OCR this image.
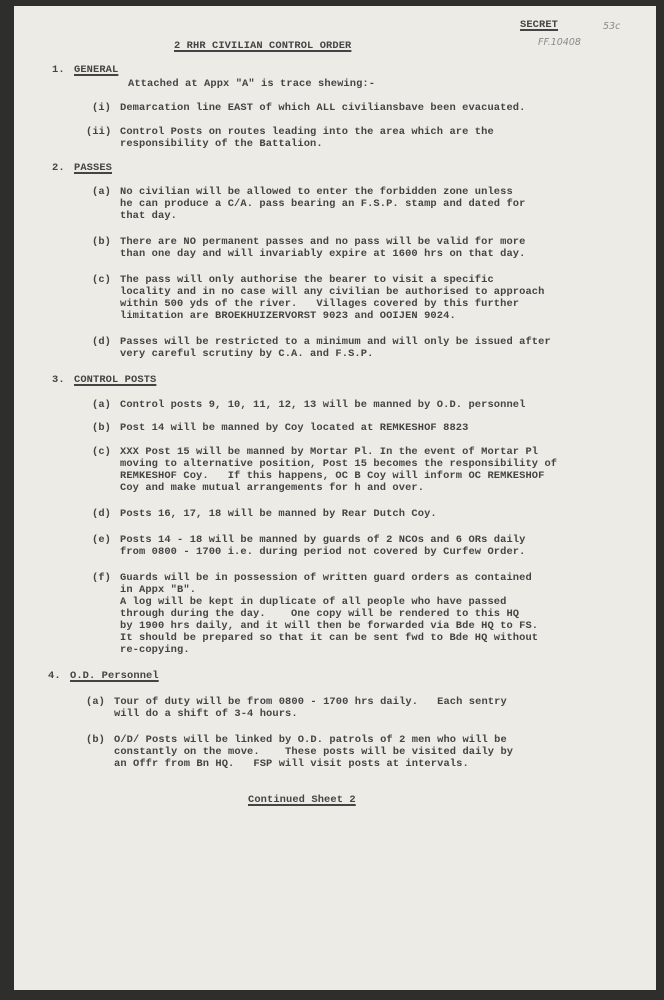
SECRET	53c
FF.10408
2 RHR CIVILIAN CONTROL ORDER
1. GENERAL
Attached at Appx "A" is trace shewing:-
(i) Demarcation line EAST of which ALL civiliansbave been evacuated.
(ii) Control Posts on routes leading into the area which are the
responsibility of the Battalion.
2. PASSES
(a) No civilian will be allowed to enter the forbidden zone unless
he can produce a C/A. pass bearing an F.S.P. stamp and dated for
that day.
(b) There are NO permanent passes and no pass will be valid for more
than one day and will invariably expire at 1600 hrs on that day.
(c) The pass will only authorise the bearer to visit a specific
locality and in no case will any civilian be authorised to approach
within 500 yds of the river.   Villages covered by this further
limitation are BROEKHUIZERVORST 9023 and OOIJEN 9024.
(d) Passes will be restricted to a minimum and will only be issued after
very careful scrutiny by C.A. and F.S.P.
3. CONTROL POSTS
(a) Control posts 9, 10, 11, 12, 13 will be manned by O.D. personnel
(b) Post 14 will be manned by Coy located at REMKESHOF 8823
(c) XXX Post 15 will be manned by Mortar Pl. In the event of Mortar Pl
moving to alternative position, Post 15 becomes the responsibility of
REMKESHOF Coy.   If this happens, OC B Coy will inform OC REMKESHOF
Coy and make mutual arrangements for h and over.
(d) Posts 16, 17, 18 will be manned by Rear Dutch Coy.
(e) Posts 14 - 18 will be manned by guards of 2 NCOs and 6 ORs daily
from 0800 - 1700 i.e. during period not covered by Curfew Order.
(f) Guards will be in possession of written guard orders as contained
in Appx "B".
A log will be kept in duplicate of all people who have passed
through during the day.    One copy will be rendered to this HQ
by 1900 hrs daily, and it will then be forwarded via Bde HQ to FS.
It should be prepared so that it can be sent fwd to Bde HQ without
re-copying.
4. O.D. Personnel
(a) Tour of duty will be from 0800 - 1700 hrs daily.   Each sentry
will do a shift of 3-4 hours.
(b) O/D/ Posts will be linked by O.D. patrols of 2 men who will be
constantly on the move.    These posts will be visited daily by
an Offr from Bn HQ.   FSP will visit posts at intervals.
Continued Sheet 2
